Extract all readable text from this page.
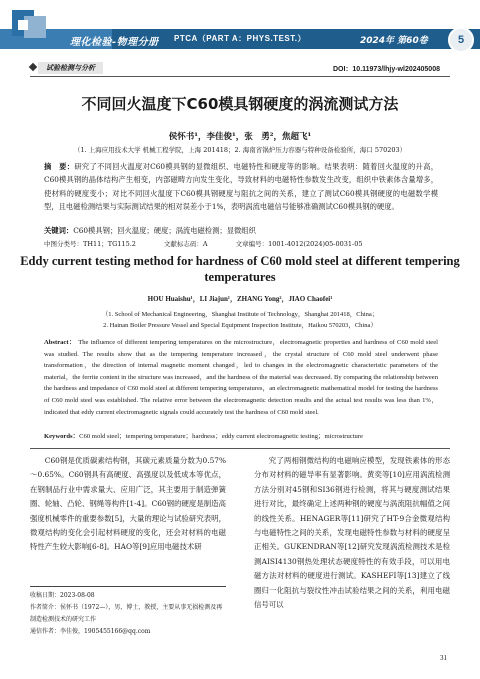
理化检验-物理分册	PTCA（PART A：PHYS.TEST.）	2024年 第60卷	5
试验检测与分析	DOI：10.11973/lhjy-wl202405008
不同回火温度下C60模具钢硬度的涡流测试方法
侯怀书¹，李佳俊¹，张　勇²，焦超飞¹
（1. 上海应用技术大学 机械工程学院，上海 201418；2. 海南省锅炉压力容器与特种设备检验所，海口 570203）
摘　要：研究了不同回火温度对C60模具钢的显微组织、电磁特性和硬度等的影响。结果表明：随着回火温度的升高，C60模具钢的晶体结构产生相变，内部磁畴方向发生变化，导致材料的电磁特性参数发生改变，组织中铁素体含量增多，使材料的硬度变小；对比不同回火温度下C60模具钢硬度与阻抗之间的关系，建立了测试C60模具钢硬度的电磁数学模型，且电磁检测结果与实际测试结果的相对误差小于1%，表明涡流电磁信号能够准确测试C60模具钢的硬度。
关键词：C60模具钢；回火温度；硬度；涡流电磁检测；显微组织
中图分类号：TH11；TG115.2	文献标志码：A	文章编号：1001-4012(2024)05-0031-05
Eddy current testing method for hardness of C60 mold steel at different tempering temperatures
HOU Huaishu¹，LI Jiajun¹，ZHANG Yong²，JIAO Chaofei¹
（1. School of Mechanical Engineering，Shanghai Institute of Technology，Shanghai 201418，China；
2. Hainan Boiler Pressure Vessel and Special Equipment Inspection Institute，Haikou 570203，China）
Abstract： The influence of different tempering temperatures on the microstructure，electromagnetic properties and hardness of C60 mold steel was studied. The results show that as the tempering temperature increased，the crystal structure of C60 mold steel underwent phase transformation，the direction of internal magnetic moment changed，led to changes in the electromagnetic characteristic parameters of the material，the ferrite content in the structure was increased，and the hardness of the material was decreased. By comparing the relationship between the hardness and impedance of C60 mold steel at different tempering temperatures，an electromagnetic mathematical model for testing the hardness of C60 mold steel was established. The relative error between the electromagnetic detection results and the actual test results was less than 1%，indicated that eddy current electromagnetic signals could accurately test the hardness of C60 mold steel.
Keywords：C60 mold steel；tempering temperature；hardness；eddy current electromagnetic testing；microstructure

C60钢是优质碳素结构钢，其碳元素质量分数为0.57%～0.65%。C60钢具有高硬度、高强度以及低成本等优点，在钢制品行业中需求量大、应用广泛，其主要用于制造弹簧圈、轮轴、凸轮、钢绳等构件[1-4]。C60钢的硬度是制造高强度机械零件的重要参数[5]，大量的理论与试验研究表明，微观结构的变化会引起材料硬度的变化，还会对材料的电磁特性产生较大影响[6-8]。HAO等[9]应用电磁技术研

究了两相钢微结构的电磁响应模型，发现铁素体的形态分布对材料的磁导率有显著影响。黄奕等[10]应用涡流检测方法分别对45钢和SI36钢进行检测，将其与硬度测试结果进行对比，最终确定上述两种钢的硬度与涡流阻抗幅值之间的线性关系。HENAGER等[11]研究了HT-9合金微观结构与电磁特性之间的关系，发现电磁特性参数与材料的硬度呈正相关。GUKENDRAN等[12]研究发现涡流检测技术是检测AISI4130钢热处理状态硬度特性的有效手段，可以用电磁方法对材料的硬度进行测试。KASHEFI等[13]建立了线圈归一化阻抗与裂纹性冲击试验结果之间的关系，利用电磁信号可以

收稿日期：2023-08-08
作者简介：侯怀书（1972—），男，博士，教授，主要从事无损检测及再制造检测技术的研究工作
通信作者：李佳俊，1905455166@qq.com
31
